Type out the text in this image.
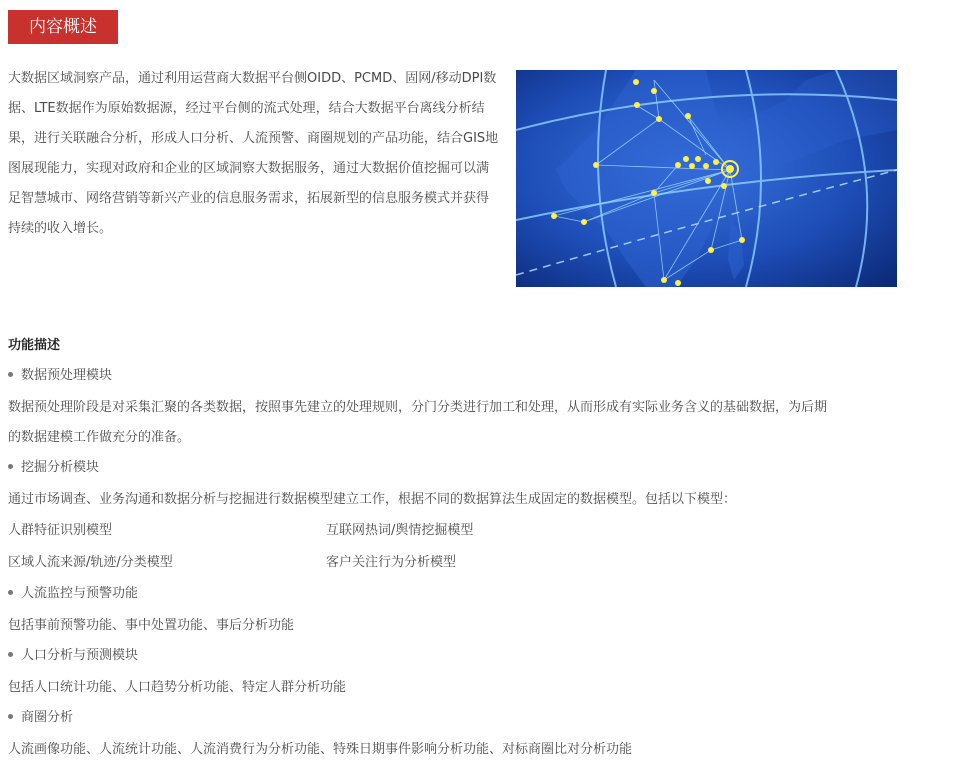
内容概述
大数据区域洞察产品，通过利用运营商大数据平台侧OIDD、PCMD、固网/移动DPI数据、LTE数据作为原始数据源，经过平台侧的流式处理，结合大数据平台离线分析结果，进行关联融合分析，形成人口分析、人流预警、商圈规划的产品功能，结合GIS地图展现能力，实现对政府和企业的区域洞察大数据服务，通过大数据价值挖掘可以满足智慧城市、网络营销等新兴产业的信息服务需求，拓展新型的信息服务模式并获得持续的收入增长。
功能描述
数据预处理模块
数据预处理阶段是对采集汇聚的各类数据，按照事先建立的处理规则，分门分类进行加工和处理，从而形成有实际业务含义的基础数据，为后期
的数据建模工作做充分的准备。
挖掘分析模块
通过市场调查、业务沟通和数据分析与挖掘进行数据模型建立工作，根据不同的数据算法生成固定的数据模型。包括以下模型：
人群特征识别模型	互联网热词/舆情挖掘模型
区域人流来源/轨迹/分类模型	客户关注行为分析模型
人流监控与预警功能
包括事前预警功能、事中处置功能、事后分析功能
人口分析与预测模块
包括人口统计功能、人口趋势分析功能、特定人群分析功能
商圈分析
人流画像功能、人流统计功能、人流消费行为分析功能、特殊日期事件影响分析功能、对标商圈比对分析功能
